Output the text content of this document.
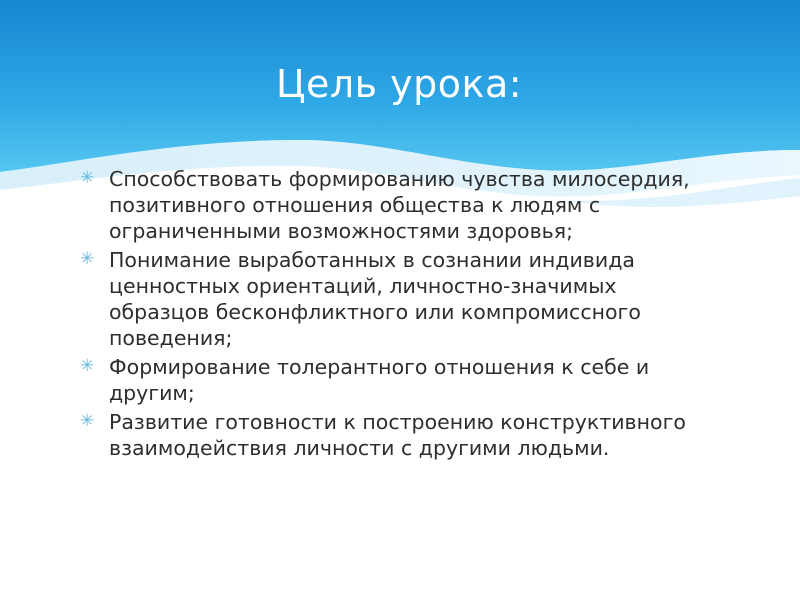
Цель урока:
✳ Способствовать формированию чувства милосердия, позитивного отношения общества к людям с ограниченными возможностями здоровья;
✳ Понимание выработанных в сознании индивида ценностных ориентаций, личностно-значимых образцов бесконфликтного или компромиссного поведения;
✳ Формирование толерантного отношения к себе и другим;
✳ Развитие готовности к построению конструктивного взаимодействия личности с другими людьми.
